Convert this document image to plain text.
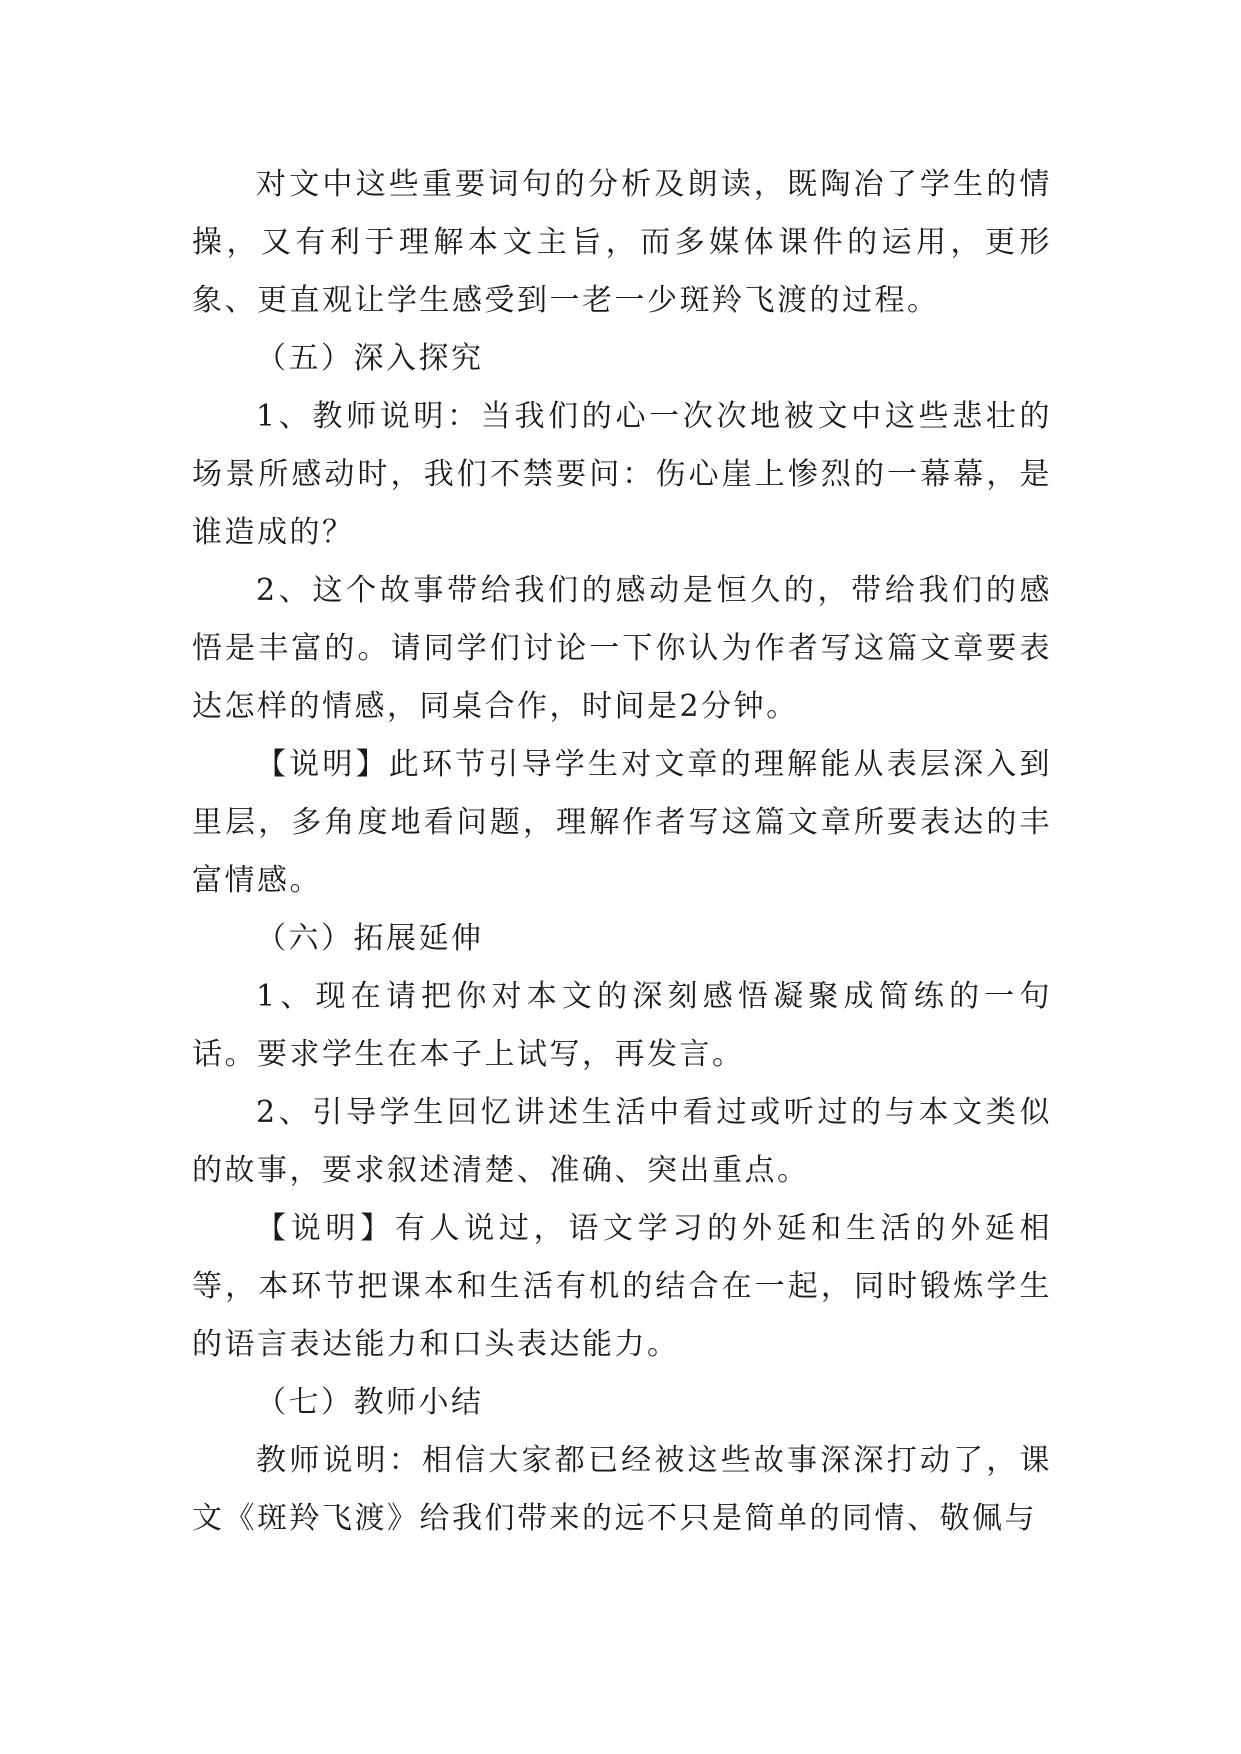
对文中这些重要词句的分析及朗读，既陶冶了学生的情操，又有利于理解本文主旨，而多媒体课件的运用，更形象、更直观让学生感受到一老一少斑羚飞渡的过程。

（五）深入探究

1、教师说明：当我们的心一次次地被文中这些悲壮的场景所感动时，我们不禁要问：伤心崖上惨烈的一幕幕，是谁造成的？

2、这个故事带给我们的感动是恒久的，带给我们的感悟是丰富的。请同学们讨论一下你认为作者写这篇文章要表达怎样的情感，同桌合作，时间是2分钟。

【说明】此环节引导学生对文章的理解能从表层深入到里层，多角度地看问题，理解作者写这篇文章所要表达的丰富情感。

（六）拓展延伸

1、现在请把你对本文的深刻感悟凝聚成简练的一句话。要求学生在本子上试写，再发言。

2、引导学生回忆讲述生活中看过或听过的与本文类似的故事，要求叙述清楚、准确、突出重点。

【说明】有人说过，语文学习的外延和生活的外延相等，本环节把课本和生活有机的结合在一起，同时锻炼学生的语言表达能力和口头表达能力。

（七）教师小结

教师说明：相信大家都已经被这些故事深深打动了，课文《斑羚飞渡》给我们带来的远不只是简单的同情、敬佩与
